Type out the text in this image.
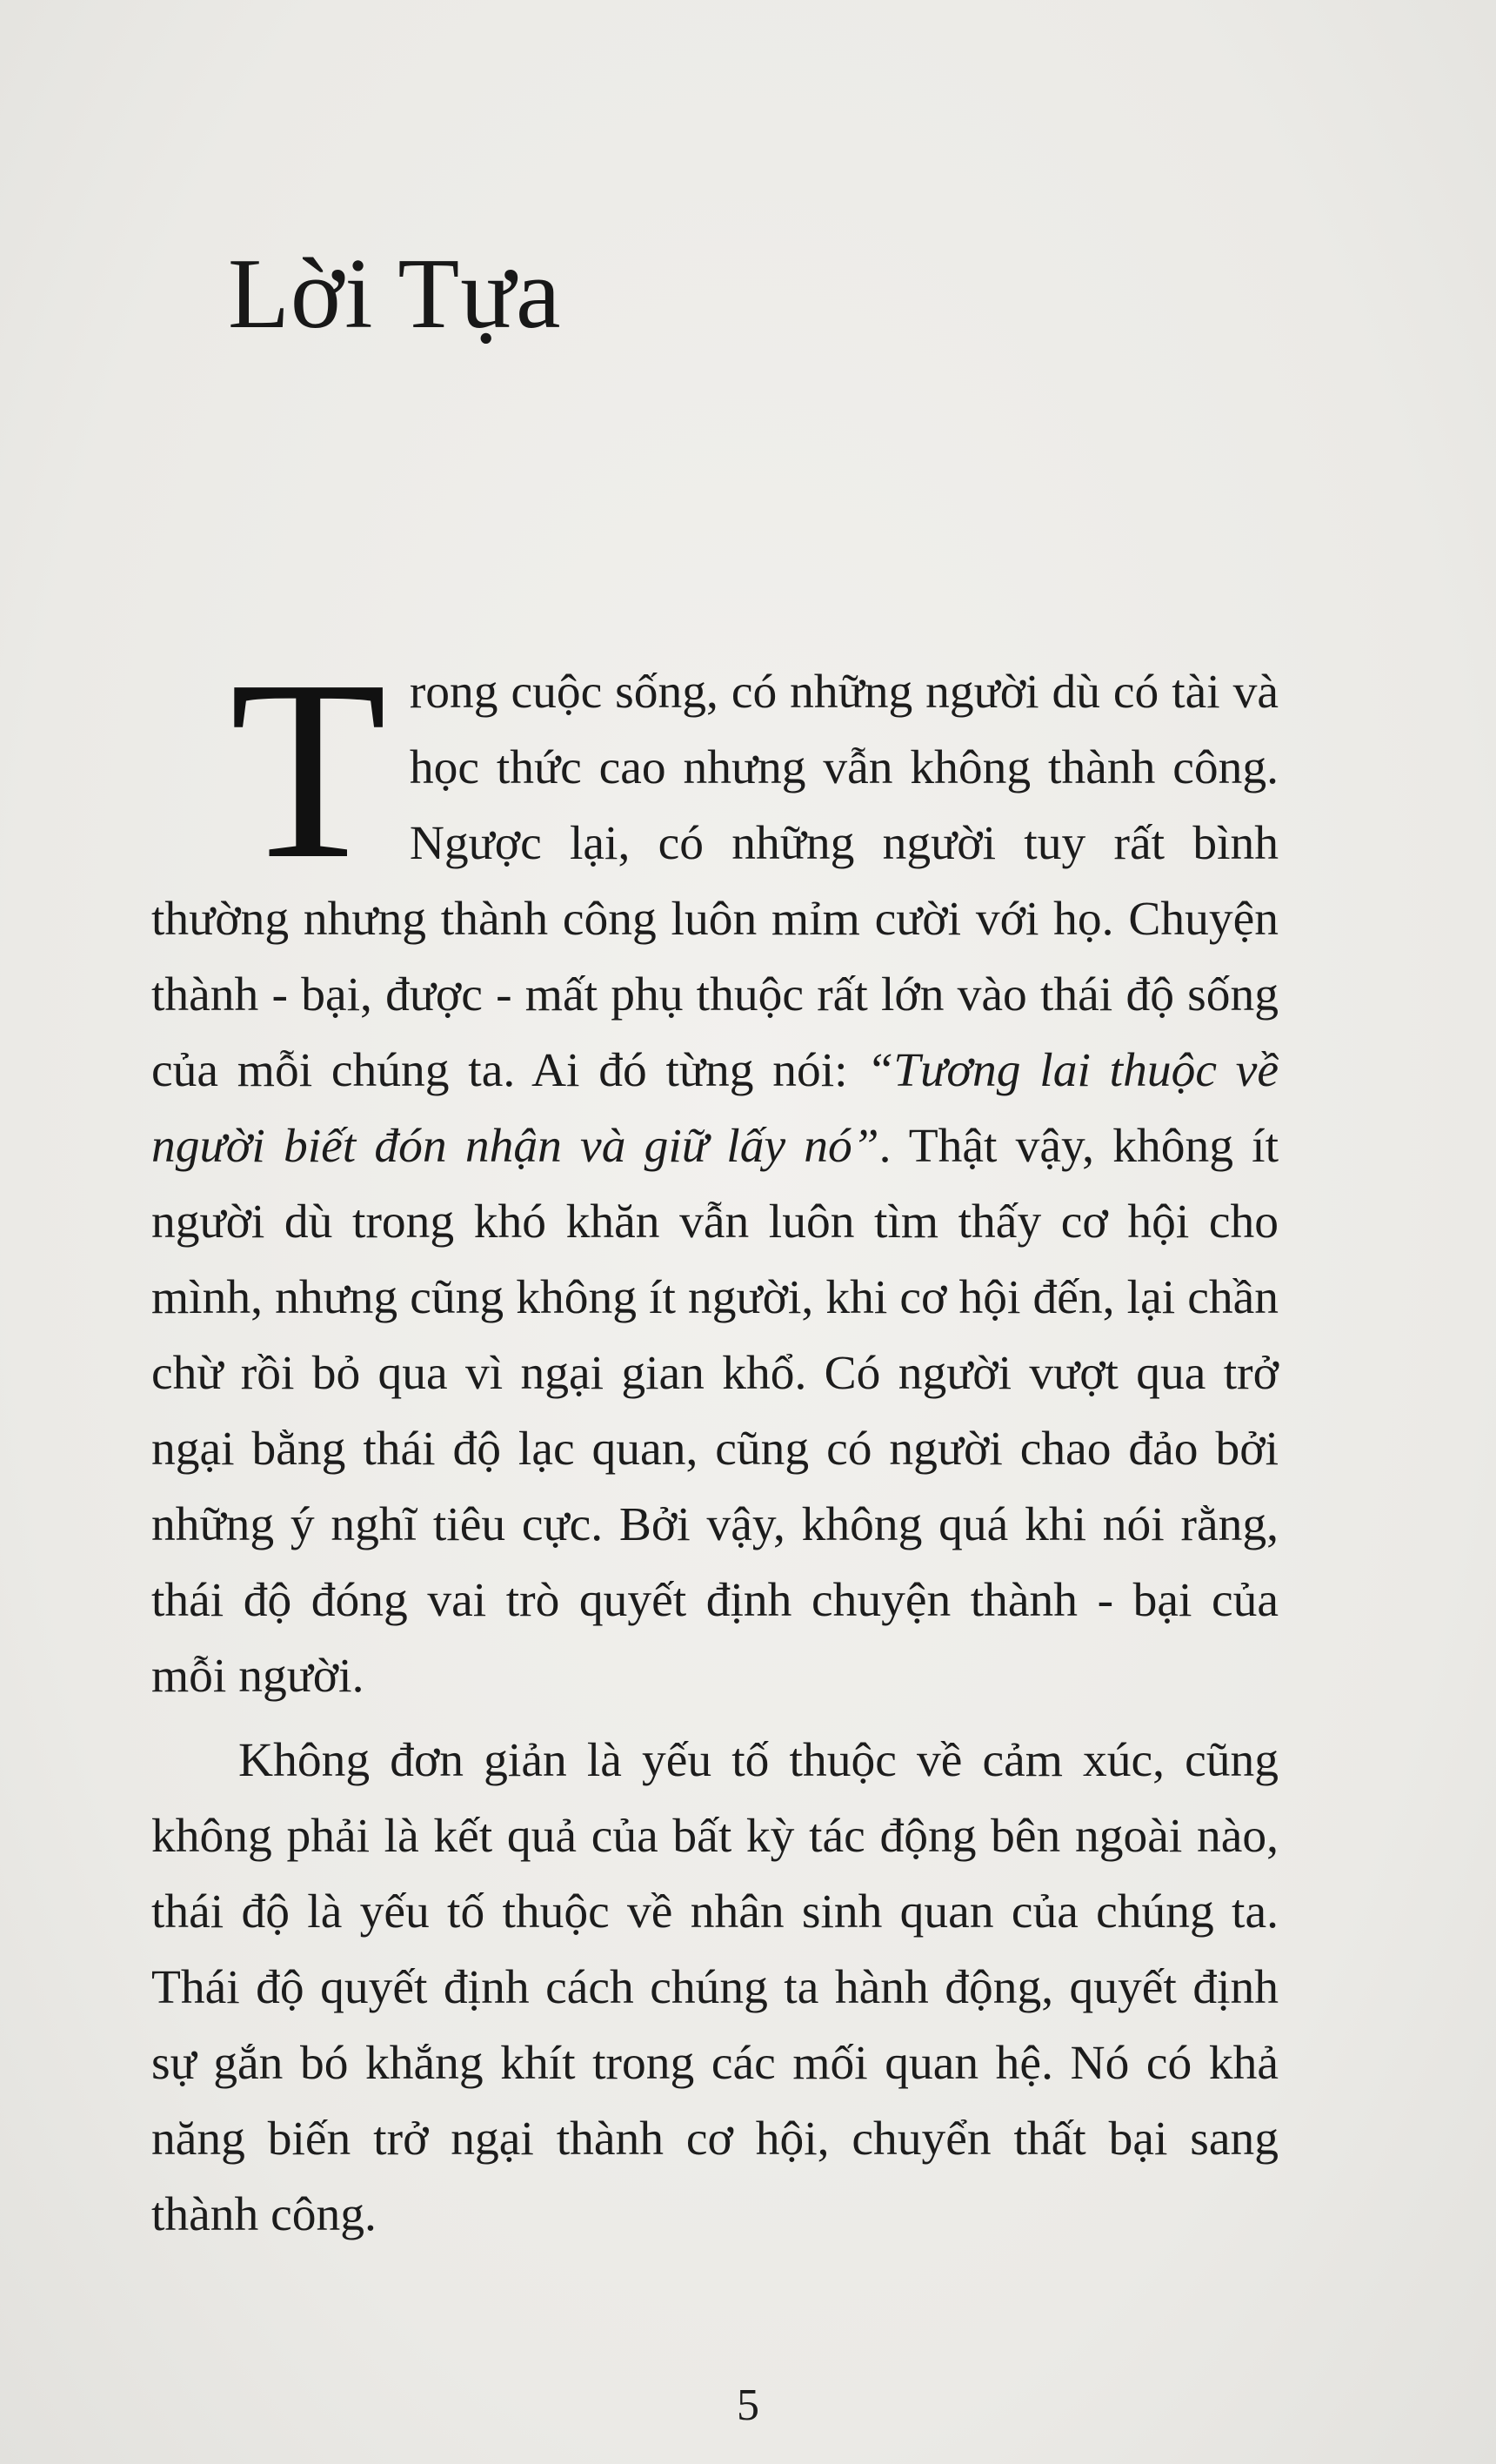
Lời Tựa

Trong cuộc sống, có những người dù có tài và học thức cao nhưng vẫn không thành công. Ngược lại, có những người tuy rất bình thường nhưng thành công luôn mỉm cười với họ. Chuyện thành - bại, được - mất phụ thuộc rất lớn vào thái độ sống của mỗi chúng ta. Ai đó từng nói: “Tương lai thuộc về người biết đón nhận và giữ lấy nó”. Thật vậy, không ít người dù trong khó khăn vẫn luôn tìm thấy cơ hội cho mình, nhưng cũng không ít người, khi cơ hội đến, lại chần chừ rồi bỏ qua vì ngại gian khổ. Có người vượt qua trở ngại bằng thái độ lạc quan, cũng có người chao đảo bởi những ý nghĩ tiêu cực. Bởi vậy, không quá khi nói rằng, thái độ đóng vai trò quyết định chuyện thành - bại của mỗi người.

Không đơn giản là yếu tố thuộc về cảm xúc, cũng không phải là kết quả của bất kỳ tác động bên ngoài nào, thái độ là yếu tố thuộc về nhân sinh quan của chúng ta. Thái độ quyết định cách chúng ta hành động, quyết định sự gắn bó khắng khít trong các mối quan hệ. Nó có khả năng biến trở ngại thành cơ hội, chuyển thất bại sang thành công.

5
